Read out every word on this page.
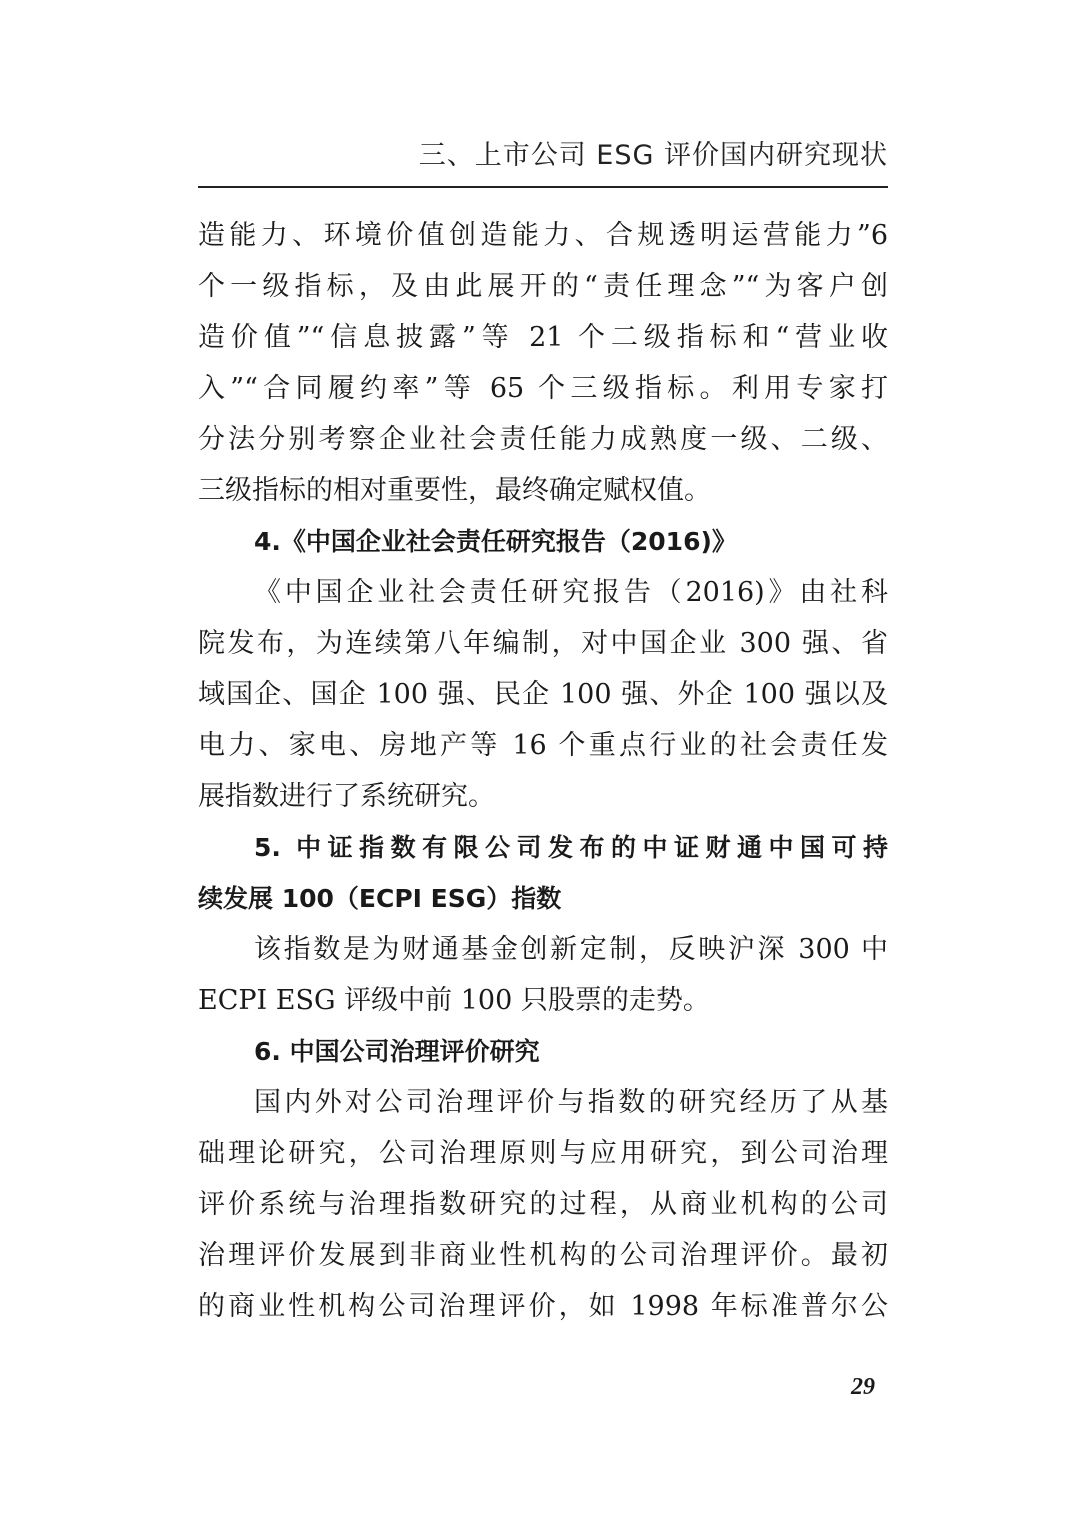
三、上市公司 ESG 评价国内研究现状
造能力、环境价值创造能力、合规透明运营能力”6
个一级指标，及由此展开的“责任理念”“为客户创
造价值”“信息披露”等 21 个二级指标和“营业收
入”“合同履约率”等 65 个三级指标。利用专家打
分法分别考察企业社会责任能力成熟度一级、二级、
三级指标的相对重要性，最终确定赋权值。
4.《中国企业社会责任研究报告（2016)》
《中国企业社会责任研究报告（2016)》由社科
院发布，为连续第八年编制，对中国企业 300 强、省
域国企、国企 100 强、民企 100 强、外企 100 强以及
电力、家电、房地产等 16 个重点行业的社会责任发
展指数进行了系统研究。
5. 中证指数有限公司发布的中证财通中国可持
续发展 100（ECPI ESG）指数
该指数是为财通基金创新定制，反映沪深 300 中
ECPI ESG 评级中前 100 只股票的走势。
6. 中国公司治理评价研究
国内外对公司治理评价与指数的研究经历了从基
础理论研究，公司治理原则与应用研究，到公司治理
评价系统与治理指数研究的过程，从商业机构的公司
治理评价发展到非商业性机构的公司治理评价。最初
的商业性机构公司治理评价，如 1998 年标准普尔公
29
